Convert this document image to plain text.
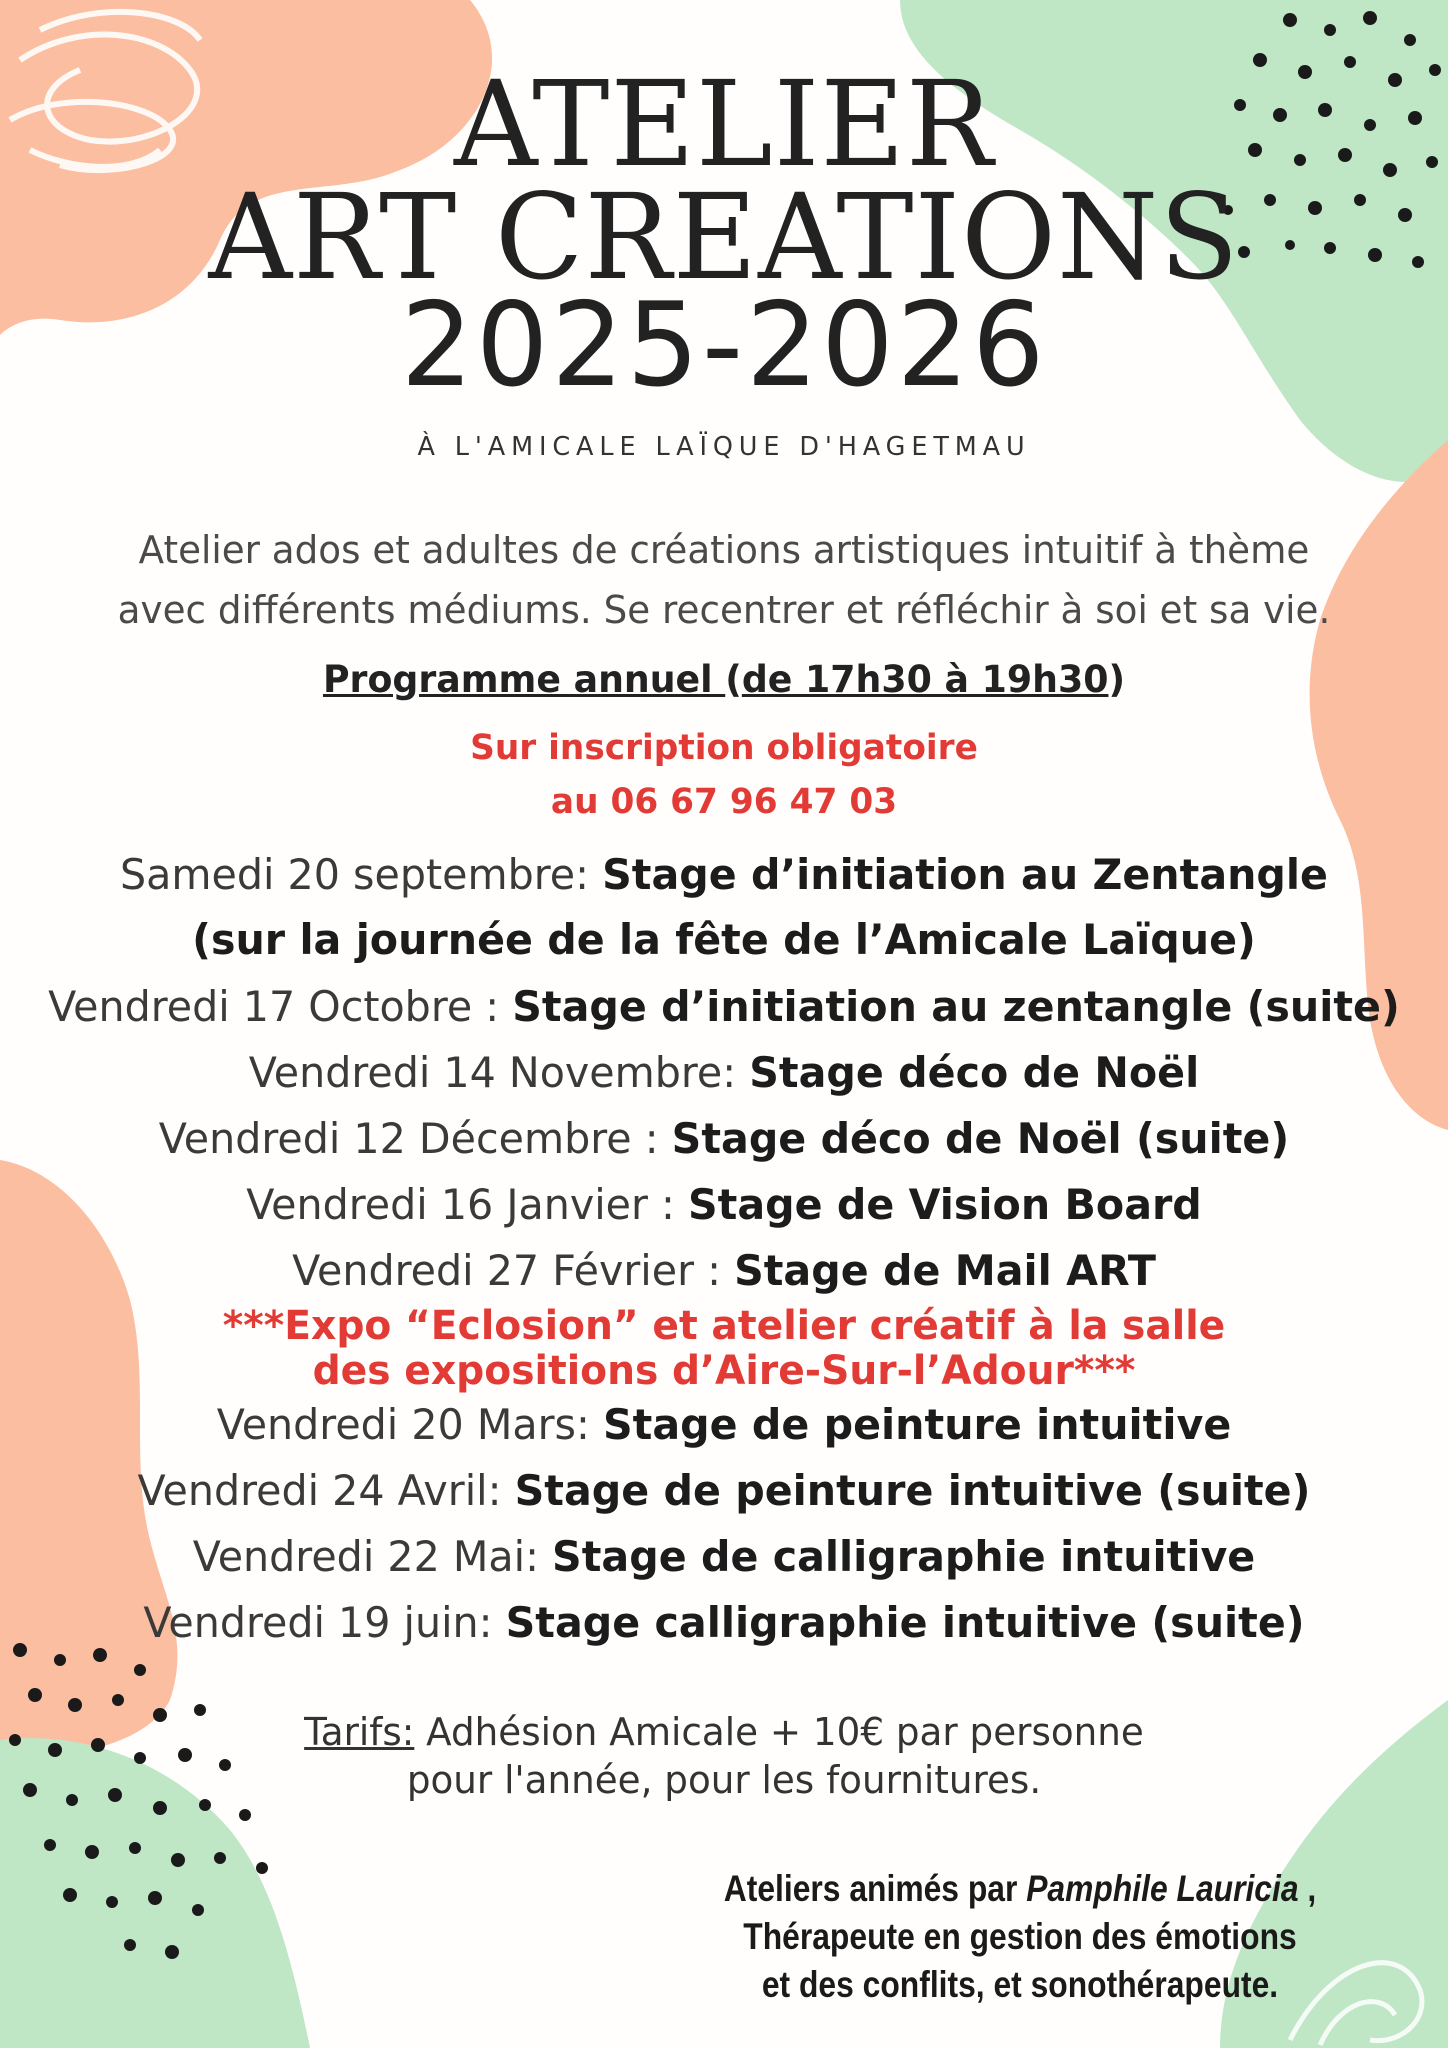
ATELIER
ART CREATIONS
2025-2026
À L'AMICALE LAÏQUE D'HAGETMAU
Atelier ados et adultes de créations artistiques intuitif à thème
avec différents médiums. Se recentrer et réfléchir à soi et sa vie.
Programme annuel (de 17h30 à 19h30)
Sur inscription obligatoire
au 06 67 96 47 03
Samedi 20 septembre: Stage d’initiation au Zentangle
(sur la journée de la fête de l’Amicale Laïque)
Vendredi 17 Octobre : Stage d’initiation au zentangle (suite)
Vendredi 14 Novembre: Stage déco de Noël
Vendredi 12 Décembre : Stage déco de Noël (suite)
Vendredi 16 Janvier : Stage de Vision Board
Vendredi 27 Février : Stage de Mail ART
***Expo “Eclosion” et atelier créatif à la salle
des expositions d’Aire-Sur-l’Adour***
Vendredi 20 Mars: Stage de peinture intuitive
Vendredi 24 Avril: Stage de peinture intuitive (suite)
Vendredi 22 Mai: Stage de calligraphie intuitive
Vendredi 19 juin: Stage calligraphie intuitive (suite)
Tarifs: Adhésion Amicale + 10€ par personne
pour l'année, pour les fournitures.
Ateliers animés par Pamphile Lauricia ,
Thérapeute en gestion des émotions
et des conflits, et sonothérapeute.
